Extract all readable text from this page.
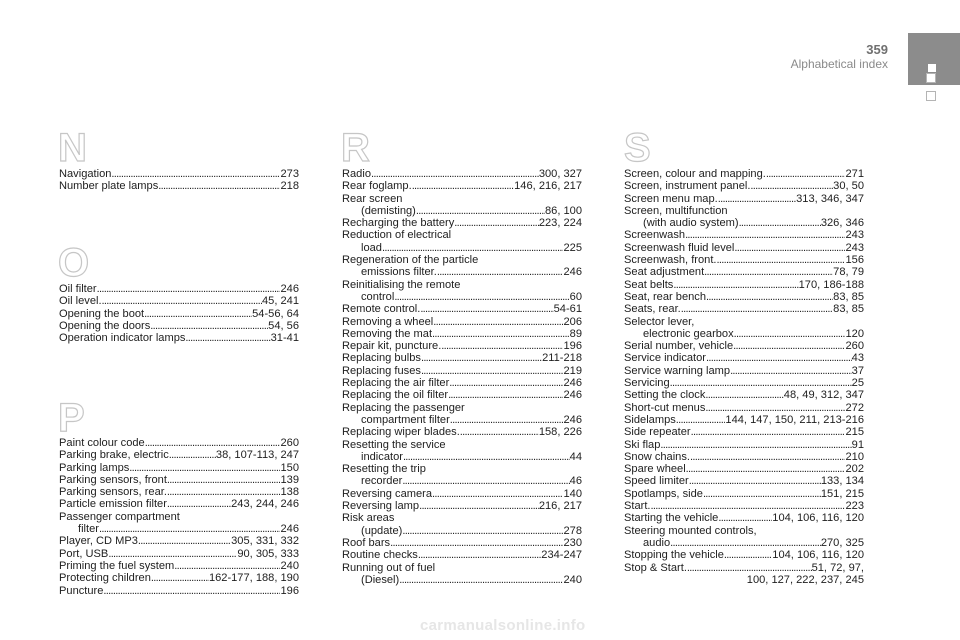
359
Alphabetical index
N
O
P
R	S
Navigation . . .	273
Number plate lamps . . .	218
Oil filter . . .	246
Oil level. . . .	45, 241
Opening the boot . . .	54-56, 64
Opening the doors . . .	54, 56
Operation indicator lamps . . .	31-41
Paint colour code . . .	260
Parking brake, electric . . .	38, 107-113, 247
Parking lamps . . .	150
Parking sensors, front . . .	139
Parking sensors, rear. . . .	138
Particle emission filter . . .	243, 244, 246
Passenger compartment
filter . . .	246
Player, CD MP3 . . .	305, 331, 332
Port, USB . . .	90, 305, 333
Priming the fuel system . . .	240
Protecting children . . .	162-177, 188, 190
Puncture . . .	196
Radio . . .	300, 327
Rear foglamp. . . .	146, 216, 217
Rear screen
(demisting) . . .	86, 100
Recharging the battery . . .	223, 224
Reduction of electrical
load . . .	225
Regeneration of the particle
emissions filter. . . .	246
Reinitialising the remote
control . . .	60
Remote control. . . .	54-61
Removing a wheel . . .	206
Removing the mat . . .	89
Repair kit, puncture. . . .	196
Replacing bulbs . . .	211-218
Replacing fuses . . .	219
Replacing the air filter . . .	246
Replacing the oil filter . . .	246
Replacing the passenger
compartment filter . . .	246
Replacing wiper blades. . . .	158, 226
Resetting the service
indicator . . .	44
Resetting the trip
recorder . . .	46
Reversing camera . . .	140
Reversing lamp . . .	216, 217
Risk areas
(update) . . .	278
Roof bars . . .	230
Routine checks . . .	234-247
Running out of fuel
(Diesel) . . .	240
Screen, colour and mapping. . . .	271
Screen, instrument panel. . . .	30, 50
Screen menu map. . . .	313, 346, 347
Screen, multifunction
(with audio system) . . .	326, 346
Screenwash . . .	243
Screenwash fluid level . . .	243
Screenwash, front. . . .	156
Seat adjustment . . .	78, 79
Seat belts . . .	170, 186-188
Seat, rear bench . . .	83, 85
Seats, rear. . . .	83, 85
Selector lever,
electronic gearbox . . .	120
Serial number, vehicle . . .	260
Service indicator . . .	43
Service warning lamp . . .	37
Servicing . . .	25
Setting the clock . . .	48, 49, 312, 347
Short-cut menus . . .	272
Sidelamps . . .	144, 147, 150, 211, 213-216
Side repeater . . .	215
Ski flap . . .	91
Snow chains. . . .	210
Spare wheel . . .	202
Speed limiter . . .	133, 134
Spotlamps, side . . .	151, 215
Start. . . .	223
Starting the vehicle . . .	104, 106, 116, 120
Steering mounted controls,
audio . . .	270, 325
Stopping the vehicle . . .	104, 106, 116, 120
Stop & Start. . . .	51, 72, 97,
100, 127, 222, 237, 245
carmanualsonline.info
